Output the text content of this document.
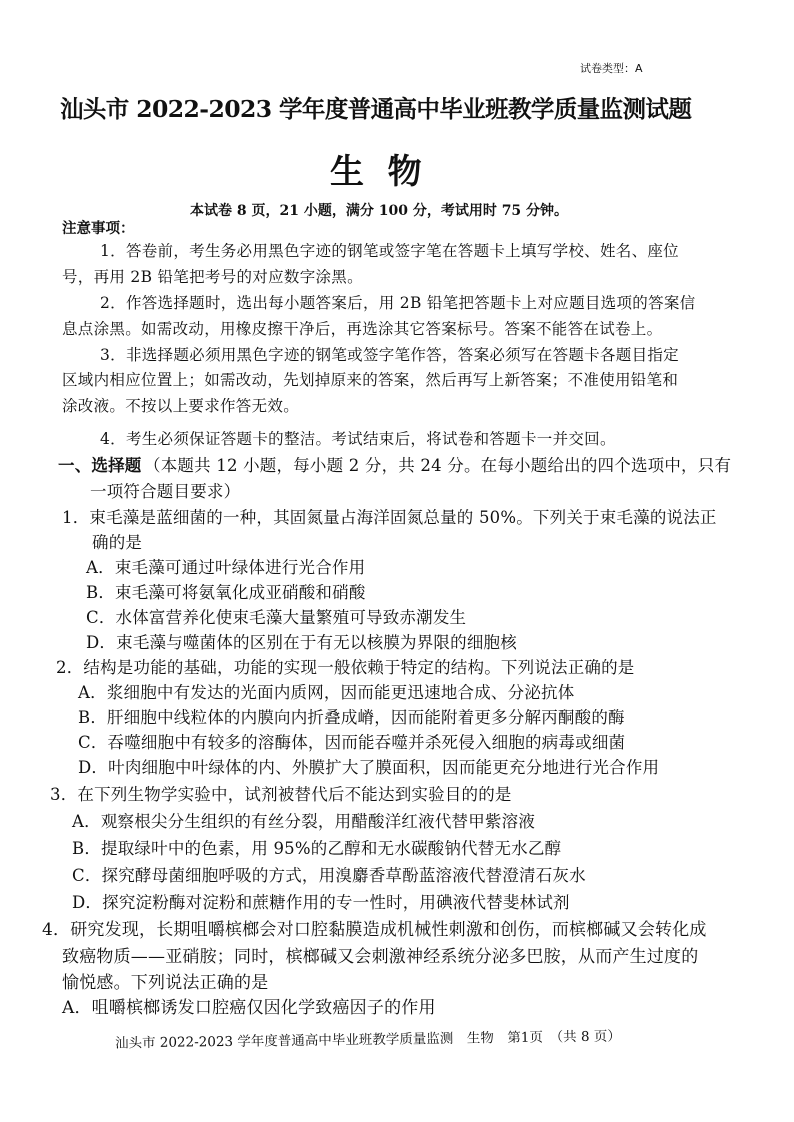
试卷类型：A
汕头市 2022-2023 学年度普通高中毕业班教学质量监测试题
生  物
本试卷 8 页，21 小题，满分 100 分，考试用时 75 分钟。
注意事项：
1．答卷前，考生务必用黑色字迹的钢笔或签字笔在答题卡上填写学校、姓名、座位
号，再用 2B 铅笔把考号的对应数字涂黑。
2．作答选择题时，选出每小题答案后，用 2B 铅笔把答题卡上对应题目选项的答案信
息点涂黑。如需改动，用橡皮擦干净后，再选涂其它答案标号。答案不能答在试卷上。
3．非选择题必须用黑色字迹的钢笔或签字笔作答，答案必须写在答题卡各题目指定
区域内相应位置上；如需改动，先划掉原来的答案，然后再写上新答案；不准使用铅笔和
涂改液。不按以上要求作答无效。
4．考生必须保证答题卡的整洁。考试结束后，将试卷和答题卡一并交回。
一、选择题 （本题共 12 小题，每小题 2 分，共 24 分。在每小题给出的四个选项中，只有
一项符合题目要求）
1．束毛藻是蓝细菌的一种，其固氮量占海洋固氮总量的 50%。下列关于束毛藻的说法正
确的是
A．束毛藻可通过叶绿体进行光合作用
B．束毛藻可将氨氧化成亚硝酸和硝酸
C．水体富营养化使束毛藻大量繁殖可导致赤潮发生
D．束毛藻与噬菌体的区别在于有无以核膜为界限的细胞核
2．结构是功能的基础，功能的实现一般依赖于特定的结构。下列说法正确的是
A．浆细胞中有发达的光面内质网，因而能更迅速地合成、分泌抗体
B．肝细胞中线粒体的内膜向内折叠成嵴，因而能附着更多分解丙酮酸的酶
C．吞噬细胞中有较多的溶酶体，因而能吞噬并杀死侵入细胞的病毒或细菌
D．叶肉细胞中叶绿体的内、外膜扩大了膜面积，因而能更充分地进行光合作用
3．在下列生物学实验中，试剂被替代后不能达到实验目的的是
A．观察根尖分生组织的有丝分裂，用醋酸洋红液代替甲紫溶液
B．提取绿叶中的色素，用 95%的乙醇和无水碳酸钠代替无水乙醇
C．探究酵母菌细胞呼吸的方式，用溴麝香草酚蓝溶液代替澄清石灰水
D．探究淀粉酶对淀粉和蔗糖作用的专一性时，用碘液代替斐林试剂
4．研究发现，长期咀嚼槟榔会对口腔黏膜造成机械性刺激和创伤，而槟榔碱又会转化成
致癌物质——亚硝胺；同时，槟榔碱又会刺激神经系统分泌多巴胺，从而产生过度的
愉悦感。下列说法正确的是
A．咀嚼槟榔诱发口腔癌仅因化学致癌因子的作用
汕头市 2022-2023 学年度普通高中毕业班教学质量监测　生物　第1页　（共 8 页）
